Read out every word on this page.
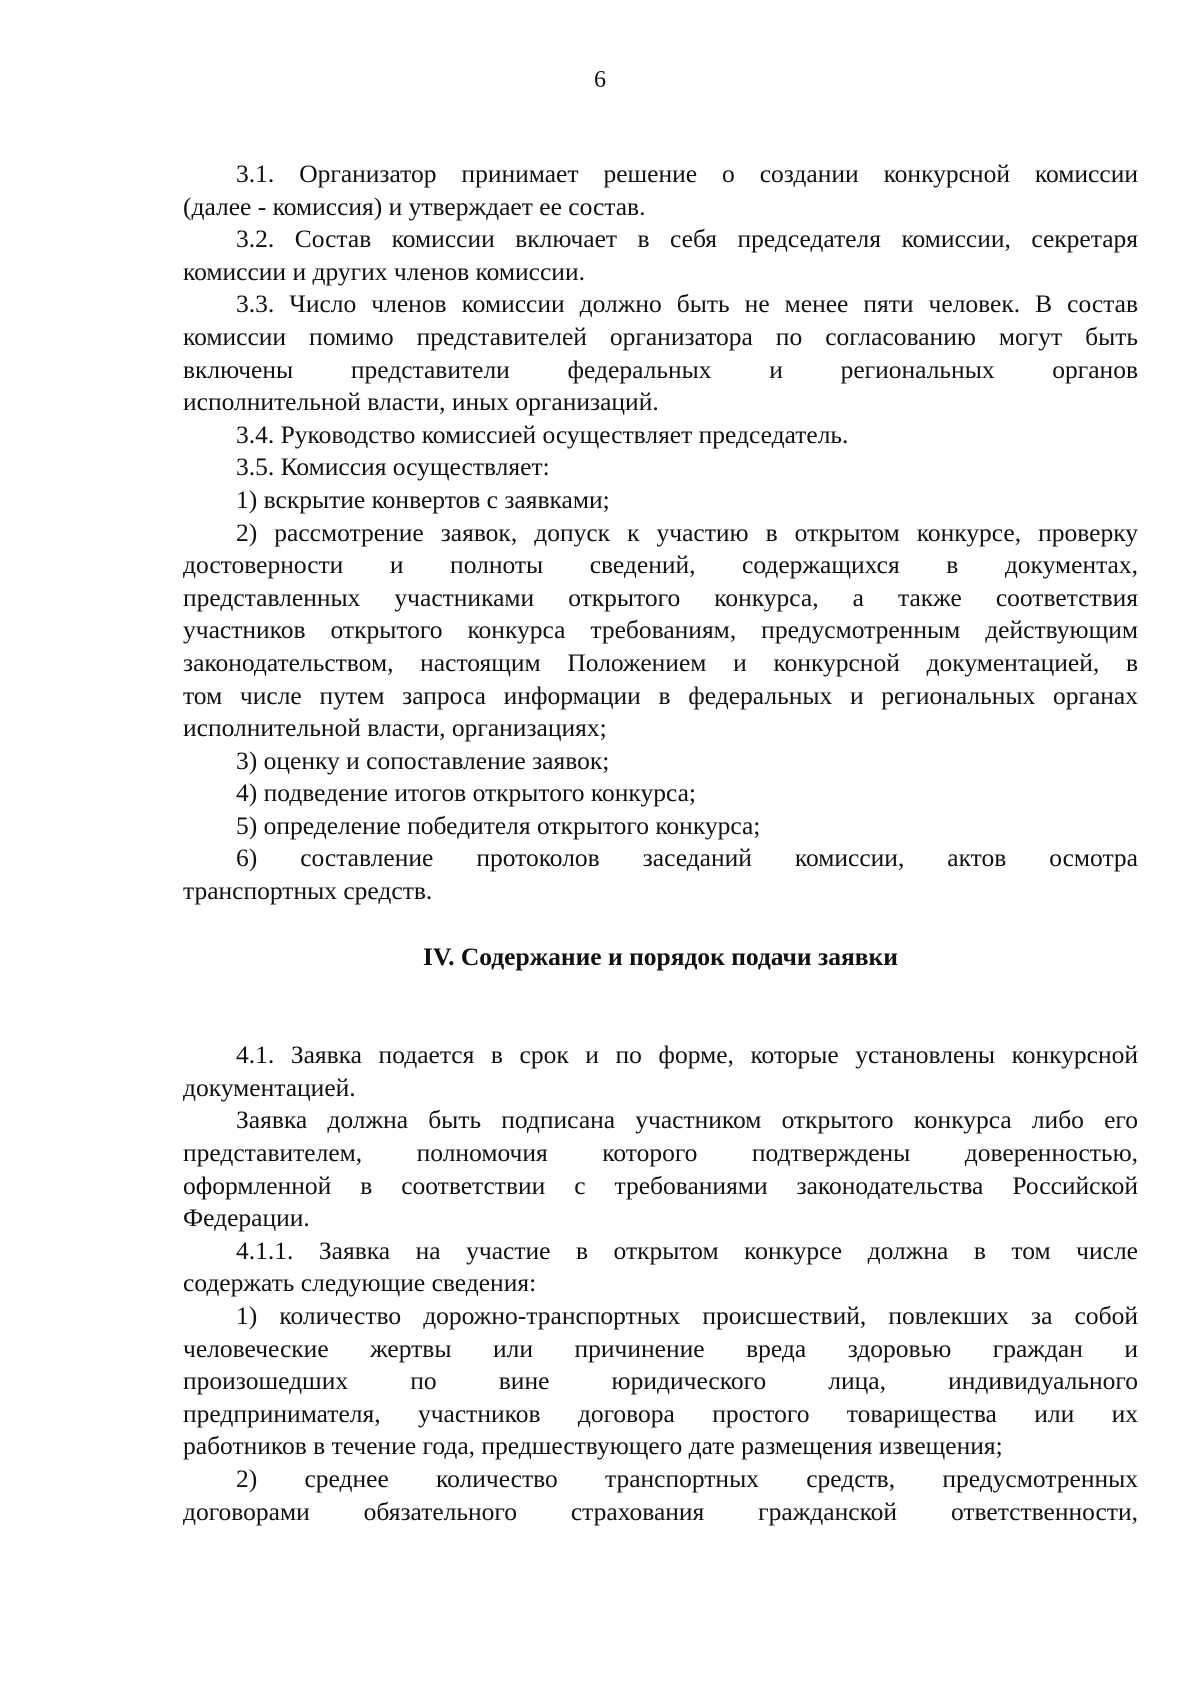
6
3.1. Организатор принимает решение о создании конкурсной комиссии
(далее - комиссия) и утверждает ее состав.
3.2. Состав комиссии включает в себя председателя комиссии, секретаря
комиссии и других членов комиссии.
3.3. Число членов комиссии должно быть не менее пяти человек. В состав
комиссии помимо представителей организатора по согласованию могут быть
включены представители федеральных и региональных органов
исполнительной власти, иных организаций.
3.4. Руководство комиссией осуществляет председатель.
3.5. Комиссия осуществляет:
1) вскрытие конвертов с заявками;
2) рассмотрение заявок, допуск к участию в открытом конкурсе, проверку
достоверности и полноты сведений, содержащихся в документах,
представленных участниками открытого конкурса, а также соответствия
участников открытого конкурса требованиям, предусмотренным действующим
законодательством, настоящим Положением и конкурсной документацией, в
том числе путем запроса информации в федеральных и региональных органах
исполнительной власти, организациях;
3) оценку и сопоставление заявок;
4) подведение итогов открытого конкурса;
5) определение победителя открытого конкурса;
6) составление протоколов заседаний комиссии, актов осмотра
транспортных средств.
IV. Содержание и порядок подачи заявки
4.1. Заявка подается в срок и по форме, которые установлены конкурсной
документацией.
Заявка должна быть подписана участником открытого конкурса либо его
представителем, полномочия которого подтверждены доверенностью,
оформленной в соответствии с требованиями законодательства Российской
Федерации.
4.1.1. Заявка на участие в открытом конкурсе должна в том числе
содержать следующие сведения:
1) количество дорожно-транспортных происшествий, повлекших за собой
человеческие жертвы или причинение вреда здоровью граждан и
произошедших по вине юридического лица, индивидуального
предпринимателя, участников договора простого товарищества или их
работников в течение года, предшествующего дате размещения извещения;
2) среднее количество транспортных средств, предусмотренных
договорами обязательного страхования гражданской ответственности,
